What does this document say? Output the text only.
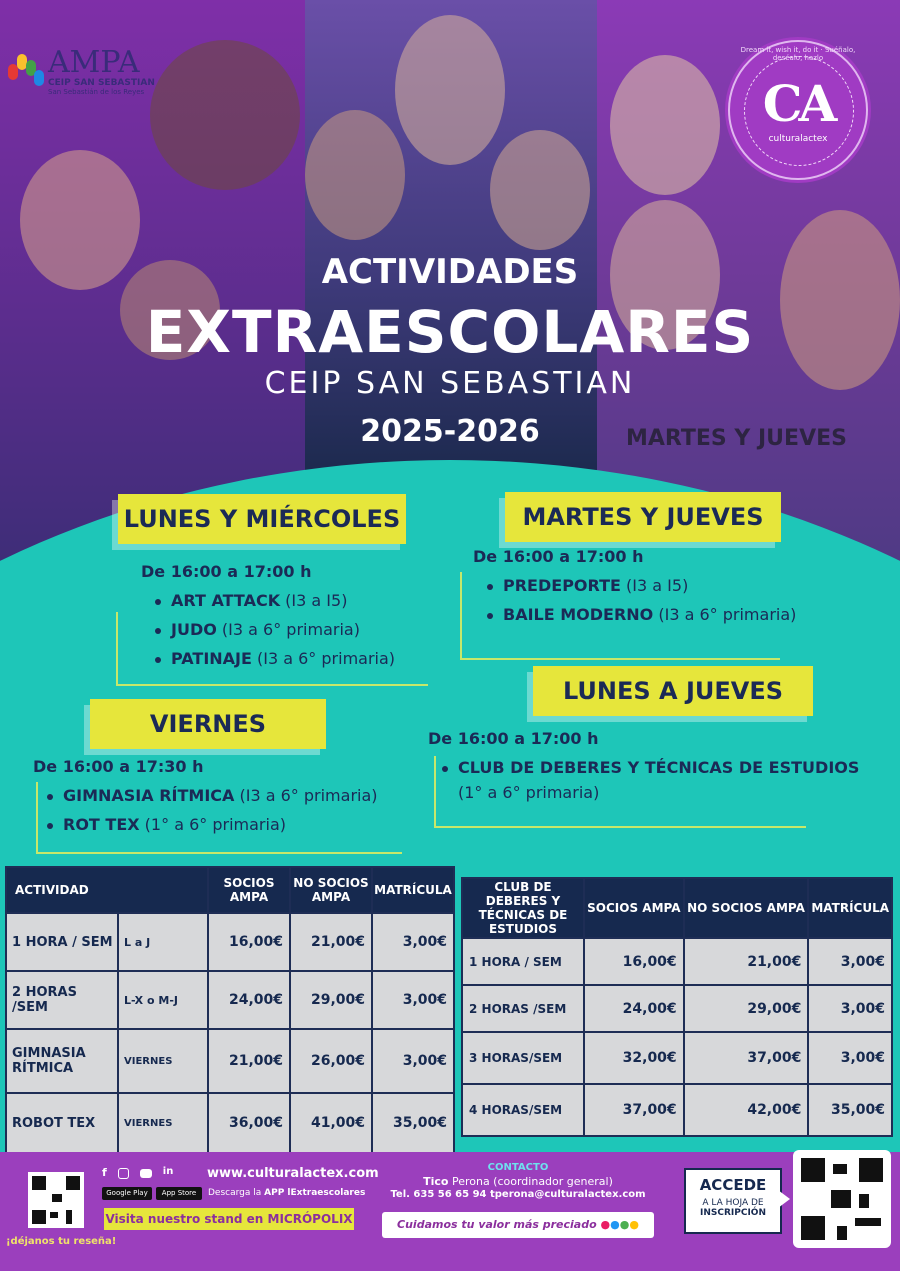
AMPA
CEIP SAN SEBASTIAN
San Sebastián de los Reyes	CA
culturalactex
Dream it, wish it, do it · Suéñalo, deséalo, hazlo
ACTIVIDADES
EXTRAESCOLARES
CEIP SAN SEBASTIAN
2025-2026	MARTES Y JUEVES
LUNES Y MIÉRCOLES
De 16:00 a 17:00 h
ART ATTACK (I3 a I5)
JUDO (I3 a 6° primaria)
PATINAJE (I3 a 6° primaria)
MARTES Y JUEVES
De 16:00 a 17:00 h
PREDEPORTE (I3 a I5)
BAILE MODERNO (I3 a 6° primaria)
VIERNES
De 16:00 a 17:30 h
GIMNASIA RÍTMICA (I3 a 6° primaria)
ROT TEX (1° a 6° primaria)
LUNES A JUEVES
De 16:00 a 17:00 h
CLUB DE DEBERES Y TÉCNICAS DE ESTUDIOS
(1° a 6° primaria)
ACTIVIDAD		SOCIOS AMPA	NO SOCIOS AMPA	MATRÍCULA
1 HORA / SEM	L a J	16,00€	21,00€	3,00€
2 HORAS /SEM	L-X o M-J	24,00€	29,00€	3,00€
GIMNASIA RÍTMICA	VIERNES	21,00€	26,00€	3,00€
ROBOT TEX	VIERNES	36,00€	41,00€	35,00€
CLUB DE DEBERES Y TÉCNICAS DE ESTUDIOS	SOCIOS AMPA	NO SOCIOS AMPA	MATRÍCULA
1 HORA / SEM	16,00€	21,00€	3,00€
2 HORAS /SEM	24,00€	29,00€	3,00€
3 HORAS/SEM	32,00€	37,00€	3,00€
4 HORAS/SEM	37,00€	42,00€	35,00€
¡déjanos tu reseña!
f	in	www.culturalactex.com
Google Play	App Store	Descarga la APP lExtraescolares
Visita nuestro stand en MICRÓPOLIX
CONTACTO
Tico Perona (coordinador general)
Tel. 635 56 65 94 tperona@culturalactex.com
Cuidamos tu valor más preciado ●●●●
ACCEDE
A LA HOJA DE
INSCRIPCIÓN
